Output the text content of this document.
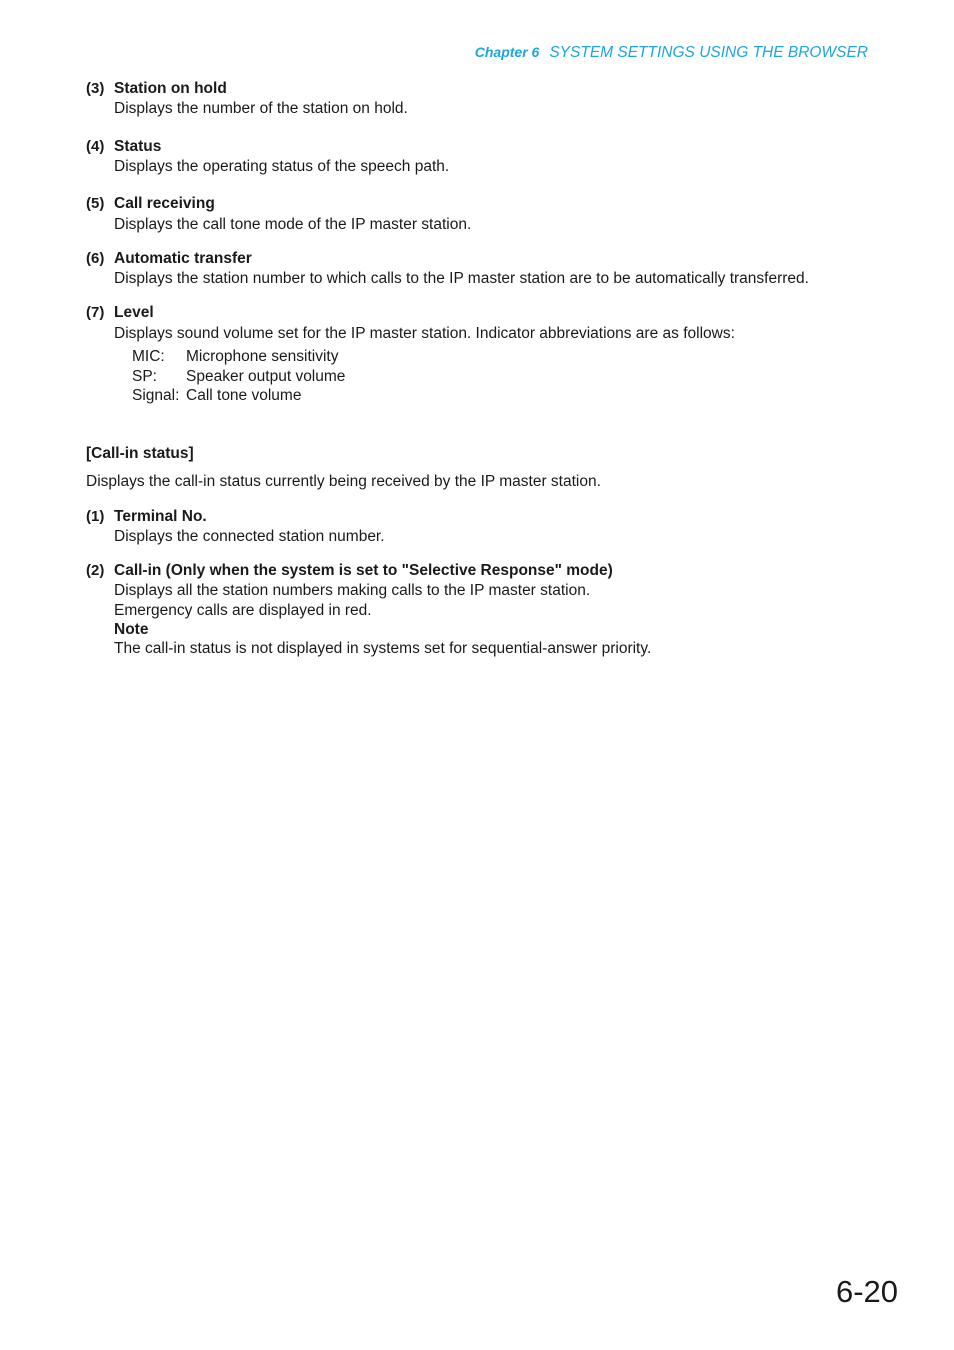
Chapter 6 SYSTEM SETTINGS USING THE BROWSER
(3) Station on hold
Displays the number of the station on hold.
(4) Status
Displays the operating status of the speech path.
(5) Call receiving
Displays the call tone mode of the IP master station.
(6) Automatic transfer
Displays the station number to which calls to the IP master station are to be automatically transferred.
(7) Level
Displays sound volume set for the IP master station. Indicator abbreviations are as follows:
MIC: Microphone sensitivity
SP: Speaker output volume
Signal: Call tone volume
[Call-in status]
Displays the call-in status currently being received by the IP master station.
(1) Terminal No.
Displays the connected station number.
(2) Call-in (Only when the system is set to "Selective Response" mode)
Displays all the station numbers making calls to the IP master station.
Emergency calls are displayed in red.
Note
The call-in status is not displayed in systems set for sequential-answer priority.
6-20
